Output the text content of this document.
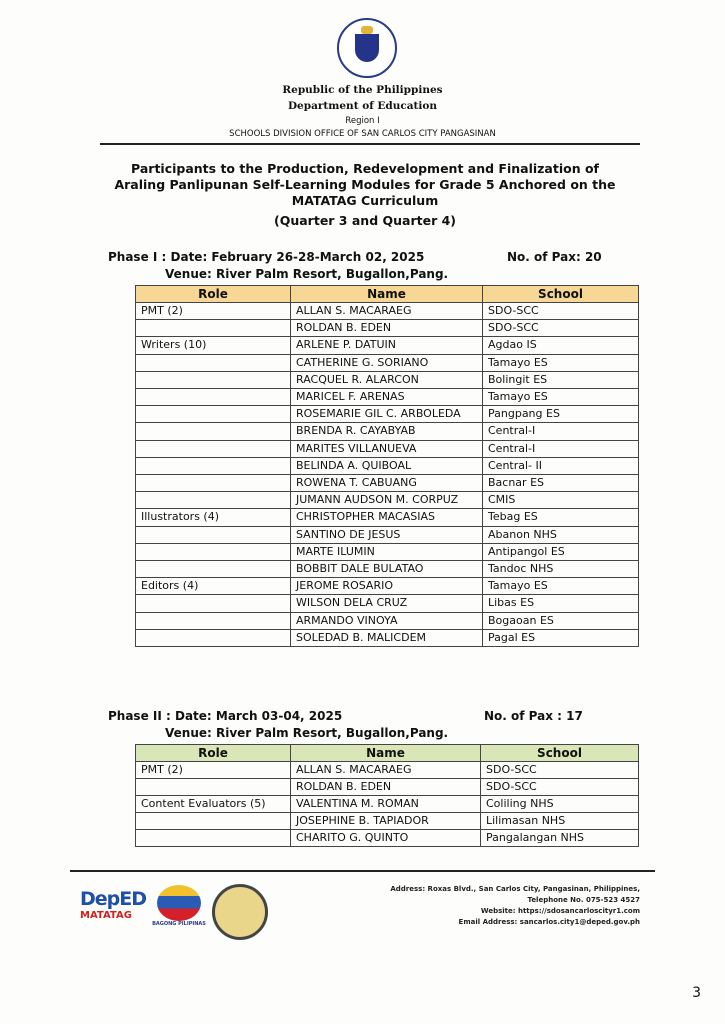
Republic of the Philippines
Department of Education
Region I
SCHOOLS DIVISION OFFICE OF SAN CARLOS CITY PANGASINAN
Participants to the Production, Redevelopment and Finalization of Araling Panlipunan Self-Learning Modules for Grade 5 Anchored on the MATATAG Curriculum
(Quarter 3 and Quarter 4)
Phase I : Date: February 26-28-March 02, 2025	No. of Pax: 20
Venue: River Palm Resort, Bugallon,Pang.
Role	Name	School
PMT (2)	ALLAN S. MACARAEG	SDO-SCC
	ROLDAN B. EDEN	SDO-SCC
Writers (10)	ARLENE P. DATUIN	Agdao IS
	CATHERINE G. SORIANO	Tamayo ES
	RACQUEL R. ALARCON	Bolingit ES
	MARICEL F. ARENAS	Tamayo ES
	ROSEMARIE GIL C. ARBOLEDA	Pangpang ES
	BRENDA R. CAYABYAB	Central-I
	MARITES VILLANUEVA	Central-I
	BELINDA A. QUIBOAL	Central- II
	ROWENA T. CABUANG	Bacnar ES
	JUMANN AUDSON M. CORPUZ	CMIS
Illustrators (4)	CHRISTOPHER MACASIAS	Tebag ES
	SANTINO DE JESUS	Abanon NHS
	MARTE ILUMIN	Antipangol ES
	BOBBIT DALE BULATAO	Tandoc NHS
Editors (4)	JEROME ROSARIO	Tamayo ES
	WILSON DELA CRUZ	Libas ES
	ARMANDO VINOYA	Bogaoan ES
	SOLEDAD B. MALICDEM	Pagal ES
Phase II : Date: March 03-04, 2025	No. of Pax : 17
Venue: River Palm Resort, Bugallon,Pang.
Role	Name	School
PMT (2)	ALLAN S. MACARAEG	SDO-SCC
	ROLDAN B. EDEN	SDO-SCC
Content Evaluators (5)	VALENTINA M. ROMAN	Coliling NHS
	JOSEPHINE B. TAPIADOR	Lilimasan NHS
	CHARITO G. QUINTO	Pangalangan NHS
DepED
MATATAG
BAGONG PILIPINAS
Address: Roxas Blvd., San Carlos City, Pangasinan, Philippines,
Telephone No. 075-523 4527
Website: https://sdosancarloscityr1.com
Email Address: sancarlos.city1@deped.gov.ph
3
